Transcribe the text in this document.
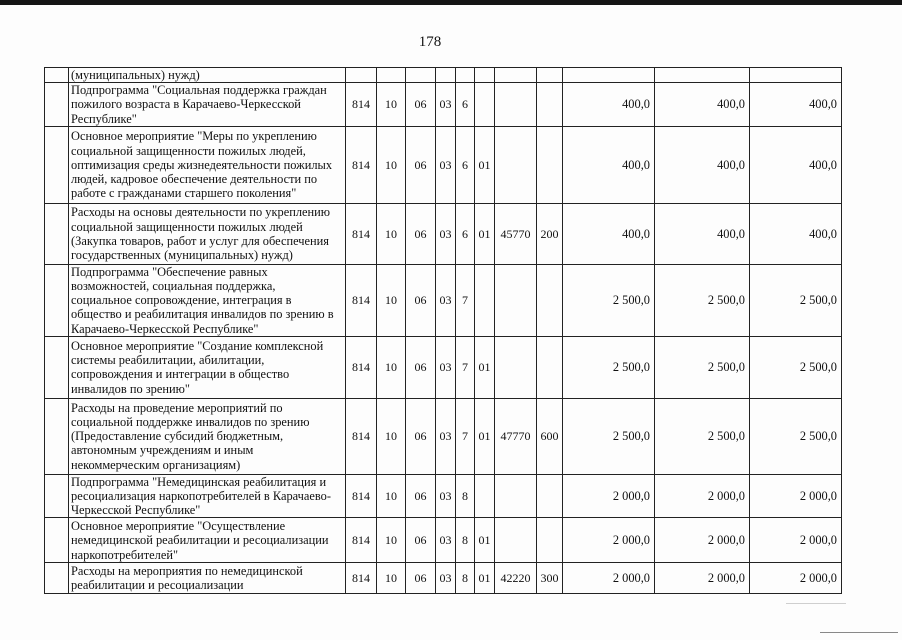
178

	(муниципальных) нужд)											

	Подпрограмма "Социальная поддержка граждан
пожилого возраста в Карачаево-Черкесской
Республике"	814	10	06	03	6				400,0	400,0	400,0

	Основное мероприятие "Меры по укреплению
социальной защищенности пожилых людей,
оптимизация среды жизнедеятельности пожилых
людей, кадровое обеспечение деятельности по
работе с гражданами старшего поколения"	814	10	06	03	6	01			400,0	400,0	400,0

	Расходы на основы деятельности по укреплению
социальной защищенности пожилых людей
(Закупка товаров, работ и услуг для обеспечения
государственных (муниципальных) нужд)	814	10	06	03	6	01	45770	200	400,0	400,0	400,0

	Подпрограмма "Обеспечение равных
возможностей, социальная поддержка,
социальное сопровождение, интеграция в
общество и реабилитация инвалидов по зрению в
Карачаево-Черкесской Республике"	814	10	06	03	7				2 500,0	2 500,0	2 500,0

	Основное мероприятие "Создание комплексной
системы реабилитации, абилитации,
сопровождения и интеграции в общество
инвалидов по зрению"	814	10	06	03	7	01			2 500,0	2 500,0	2 500,0

	Расходы на проведение мероприятий по
социальной поддержке инвалидов по зрению
(Предоставление субсидий бюджетным,
автономным учреждениям и иным
некоммерческим организациям)	814	10	06	03	7	01	47770	600	2 500,0	2 500,0	2 500,0

	Подпрограмма "Немедицинская реабилитация и
ресоциализация наркопотребителей в Карачаево-
Черкесской Республике"	814	10	06	03	8				2 000,0	2 000,0	2 000,0

	Основное мероприятие "Осуществление
немедицинской реабилитации и ресоциализации
наркопотребителей"	814	10	06	03	8	01			2 000,0	2 000,0	2 000,0

	Расходы на мероприятия по немедицинской
реабилитации и ресоциализации	814	10	06	03	8	01	42220	300	2 000,0	2 000,0	2 000,0
